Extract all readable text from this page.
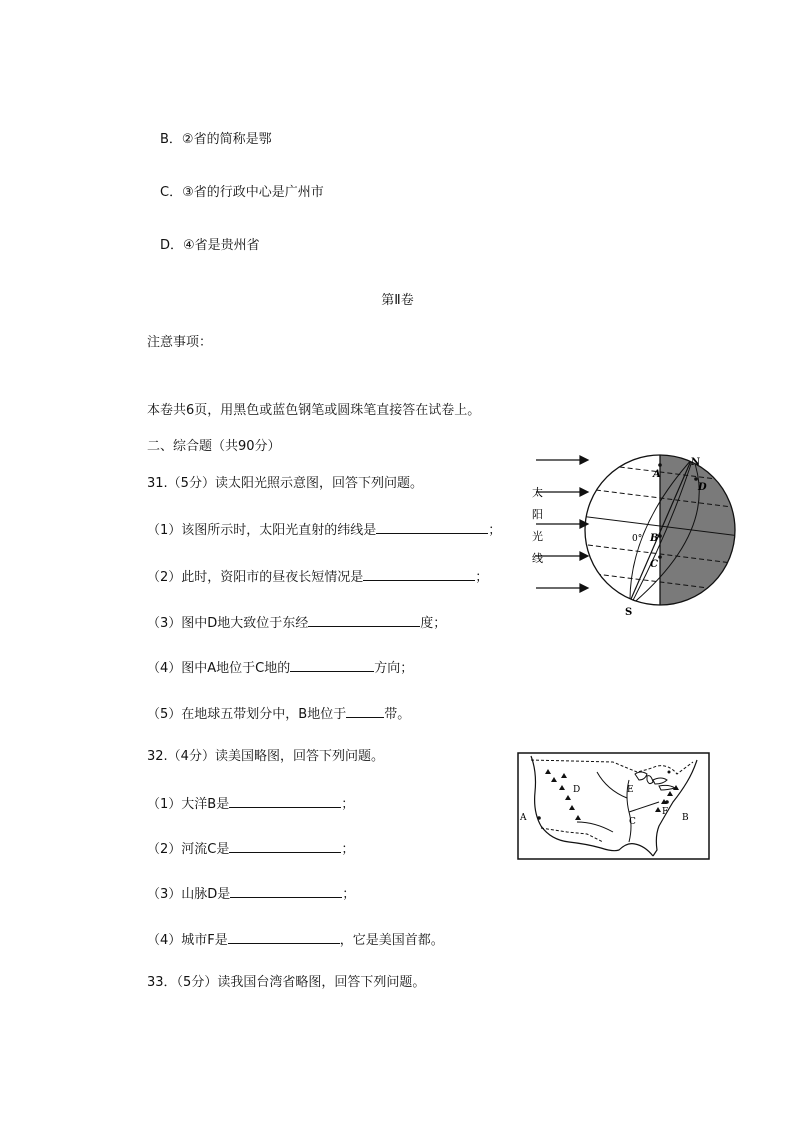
B．②省的简称是鄂
C．③省的行政中心是广州市
D．④省是贵州省
第Ⅱ卷
注意事项：
本卷共6页，用黑色或蓝色钢笔或圆珠笔直接答在试卷上。
二、综合题（共90分）
31.（5分）读太阳光照示意图，回答下列问题。
（1）该图所示时，太阳光直射的纬线是	；
（2）此时，资阳市的昼夜长短情况是	；
（3）图中D地大致位于东经	度；
（4）图中A地位于C地的	方向；
（5）在地球五带划分中，B地位于	带。
太
阳
光
线
N
S
A
D
B
C
0°
32.（4分）读美国略图，回答下列问题。
（1）大洋B是	；
（2）河流C是	；
（3）山脉D是	；
（4）城市F是	，它是美国首都。
A	B
C
D	E
F
33．（5分）读我国台湾省略图，回答下列问题。
